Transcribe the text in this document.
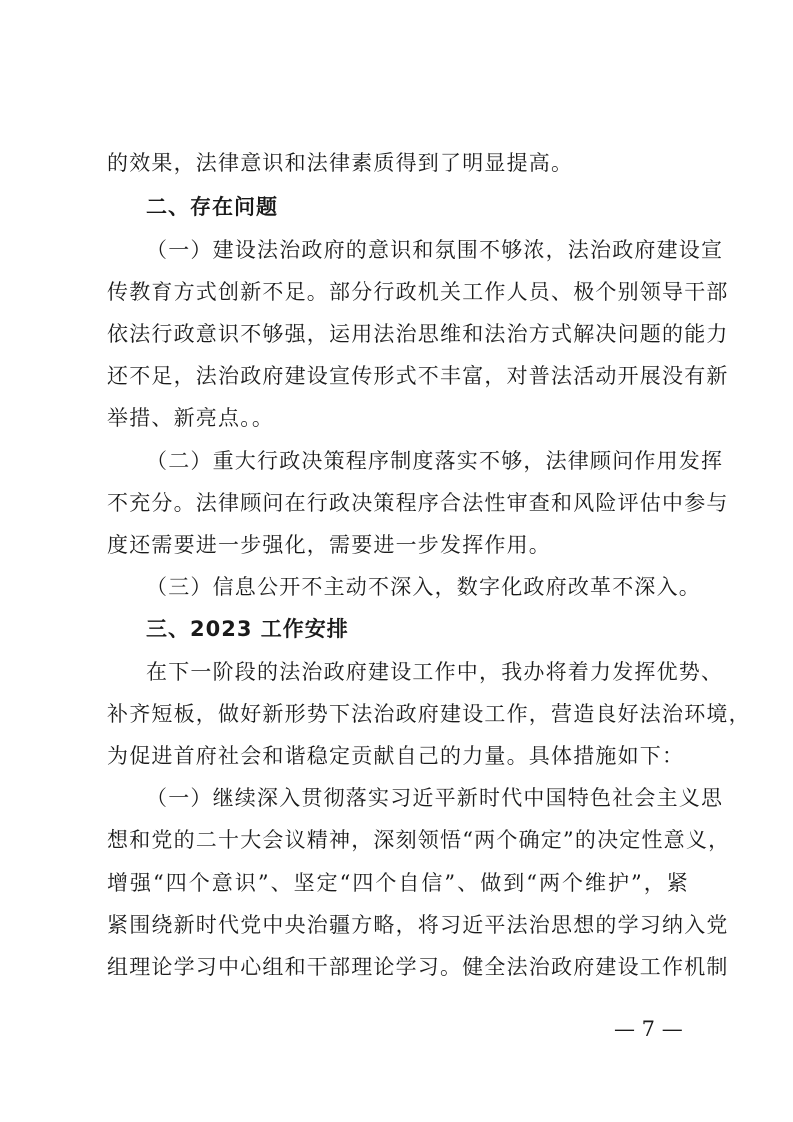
的效果，法律意识和法律素质得到了明显提高。
二、存在问题
（一）建设法治政府的意识和氛围不够浓，法治政府建设宣
传教育方式创新不足。部分行政机关工作人员、极个别领导干部
依法行政意识不够强，运用法治思维和法治方式解决问题的能力
还不足，法治政府建设宣传形式不丰富，对普法活动开展没有新
举措、新亮点。。
（二）重大行政决策程序制度落实不够，法律顾问作用发挥
不充分。法律顾问在行政决策程序合法性审查和风险评估中参与
度还需要进一步强化，需要进一步发挥作用。
（三）信息公开不主动不深入，数字化政府改革不深入。
三、2023 工作安排
在下一阶段的法治政府建设工作中，我办将着力发挥优势、
补齐短板，做好新形势下法治政府建设工作，营造良好法治环境，
为促进首府社会和谐稳定贡献自己的力量。具体措施如下：
（一）继续深入贯彻落实习近平新时代中国特色社会主义思
想和党的二十大会议精神，深刻领悟“两个确定”的决定性意义，
增强“四个意识”、坚定“四个自信”、做到“两个维护”，紧
紧围绕新时代党中央治疆方略，将习近平法治思想的学习纳入党
组理论学习中心组和干部理论学习。健全法治政府建设工作机制
— 7 —
